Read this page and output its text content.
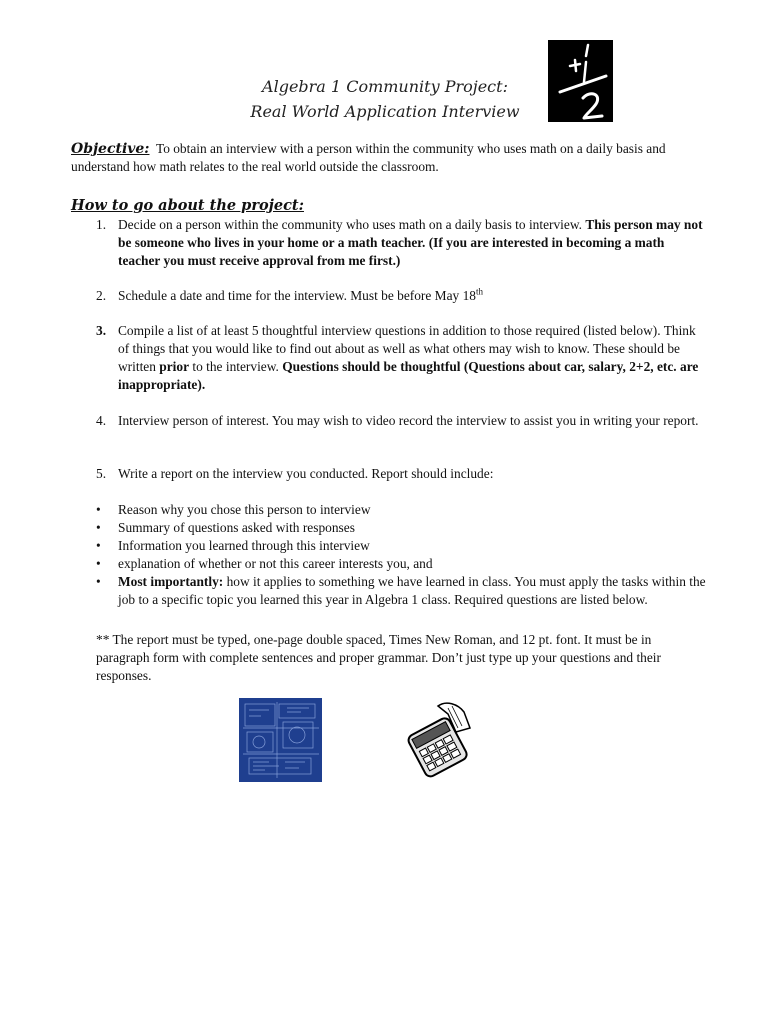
Algebra 1 Community Project:
Real World Application Interview
Objective: To obtain an interview with a person within the community who uses math on a daily basis and understand how math relates to the real world outside the classroom.
How to go about the project:
1. Decide on a person within the community who uses math on a daily basis to interview. This person may not be someone who lives in your home or a math teacher. (If you are interested in becoming a math teacher you must receive approval from me first.)
2. Schedule a date and time for the interview. Must be before May 18th
3. Compile a list of at least 5 thoughtful interview questions in addition to those required (listed below). Think of things that you would like to find out about as well as what others may wish to know. These should be written prior to the interview. Questions should be thoughtful (Questions about car, salary, 2+2, etc. are inappropriate).
4. Interview person of interest. You may wish to video record the interview to assist you in writing your report.
5. Write a report on the interview you conducted. Report should include:
• Reason why you chose this person to interview
• Summary of questions asked with responses
• Information you learned through this interview
• explanation of whether or not this career interests you, and
• Most importantly: how it applies to something we have learned in class. You must apply the tasks within the job to a specific topic you learned this year in Algebra 1 class. Required questions are listed below.
** The report must be typed, one-page double spaced, Times New Roman, and 12 pt. font. It must be in paragraph form with complete sentences and proper grammar. Don’t just type up your questions and their responses.
